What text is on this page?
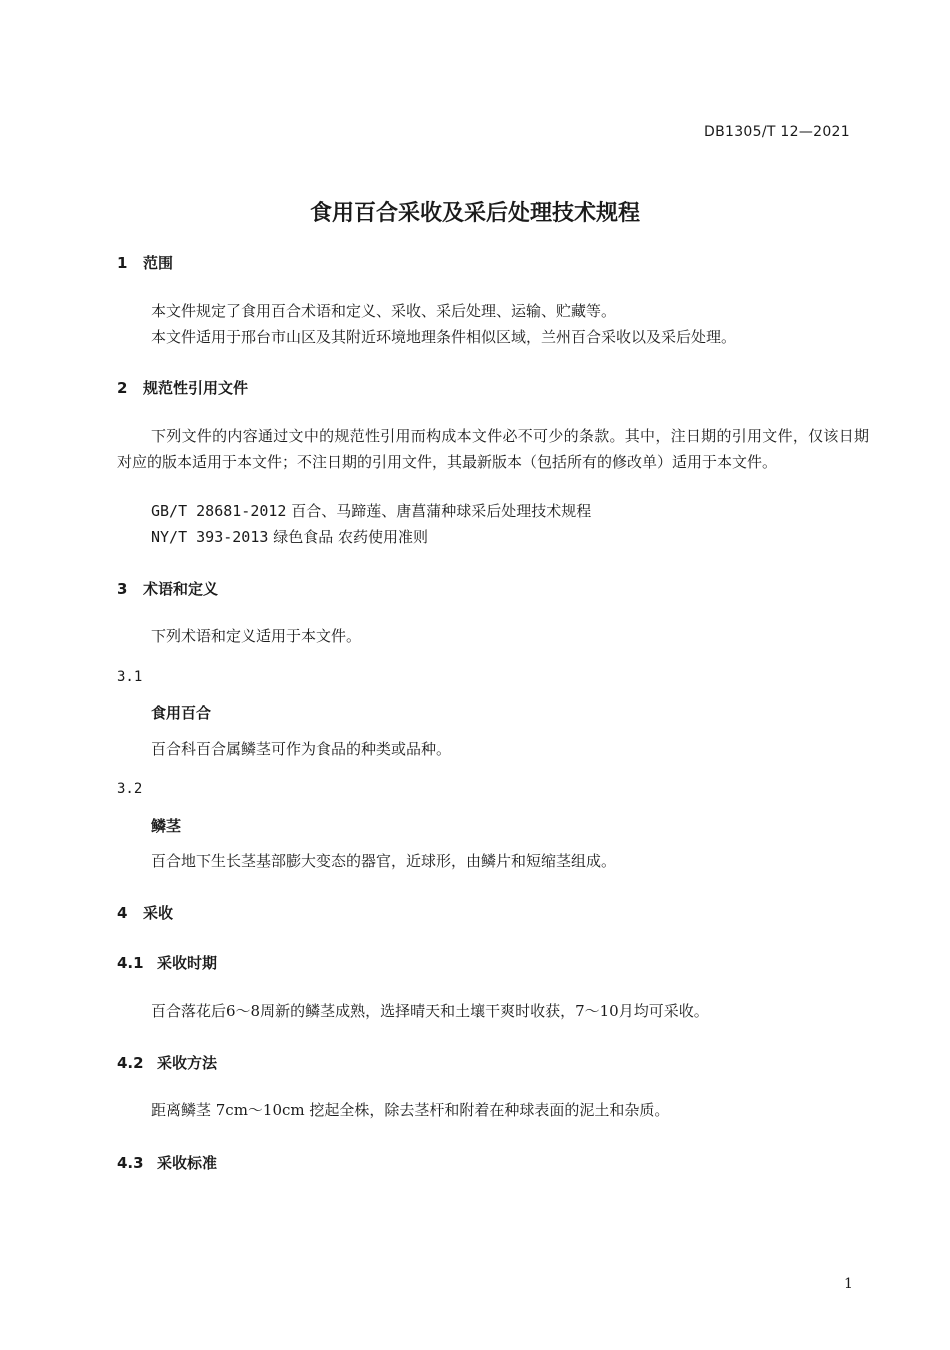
DB1305/T 12—2021
食用百合采收及采后处理技术规程
1 范围
本文件规定了食用百合术语和定义、采收、采后处理、运输、贮藏等。
本文件适用于邢台市山区及其附近环境地理条件相似区域，兰州百合采收以及采后处理。
2 规范性引用文件
下列文件的内容通过文中的规范性引用而构成本文件必不可少的条款。其中，注日期的引用文件，仅该日期对应的版本适用于本文件；不注日期的引用文件，其最新版本（包括所有的修改单）适用于本文件。
GB/T 28681-2012 百合、马蹄莲、唐菖蒲种球采后处理技术规程
NY/T 393-2013 绿色食品 农药使用准则
3 术语和定义
下列术语和定义适用于本文件。
3.1
食用百合
百合科百合属鳞茎可作为食品的种类或品种。
3.2
鳞茎
百合地下生长茎基部膨大变态的器官，近球形，由鳞片和短缩茎组成。
4 采收
4.1 采收时期
百合落花后6～8周新的鳞茎成熟，选择晴天和土壤干爽时收获，7～10月均可采收。
4.2 采收方法
距离鳞茎 7cm～10cm 挖起全株，除去茎杆和附着在种球表面的泥土和杂质。
4.3 采收标准
1
